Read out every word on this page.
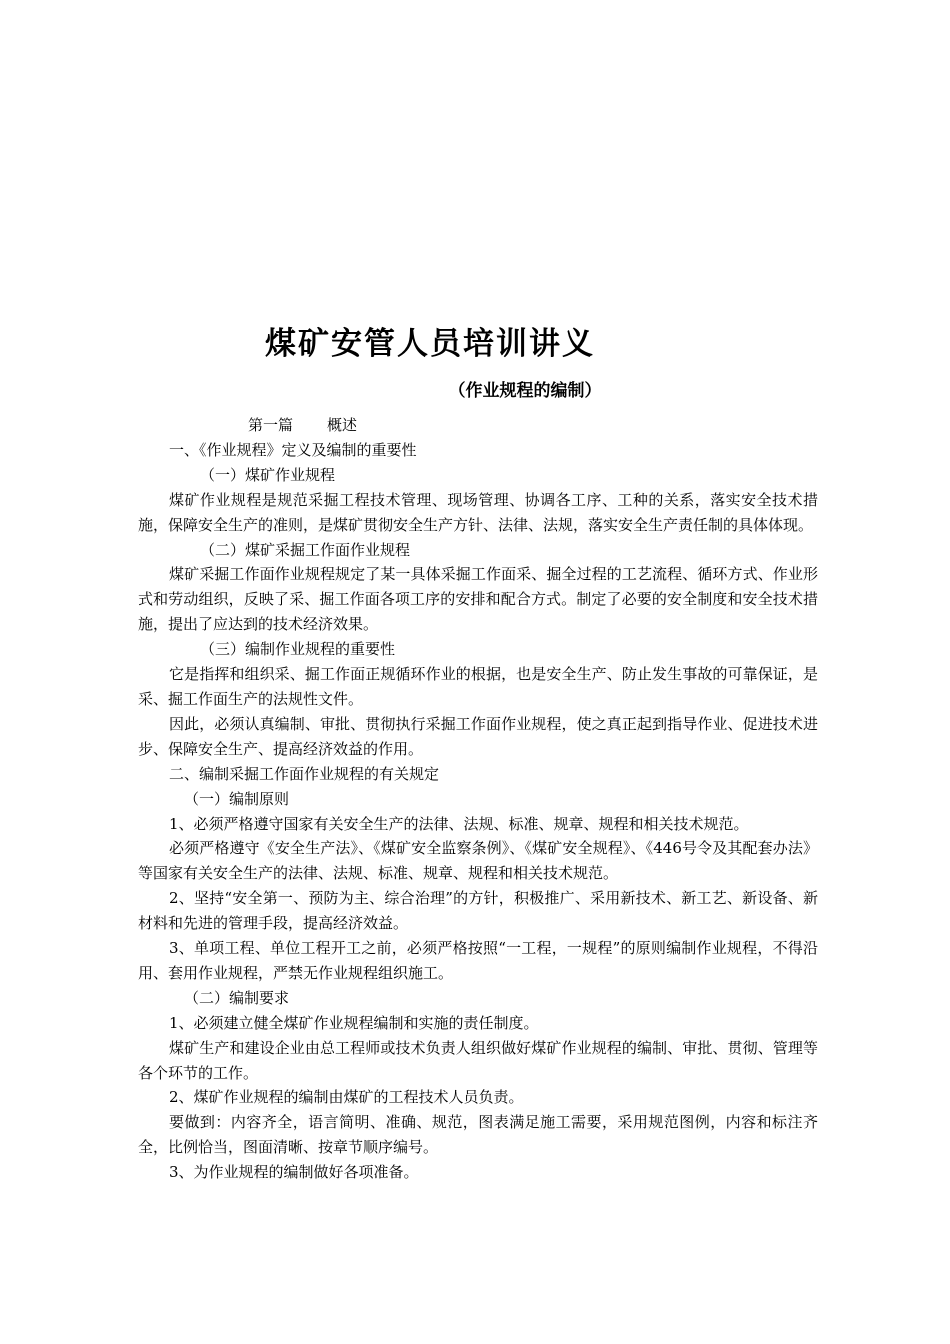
煤矿安管人员培训讲义
（作业规程的编制）
第一篇 概述
一、《作业规程》定义及编制的重要性
（一）煤矿作业规程
煤矿作业规程是规范采掘工程技术管理、现场管理、协调各工序、工种的关系，落实安全技术措施，保障安全生产的准则，是煤矿贯彻安全生产方针、法律、法规，落实安全生产责任制的具体体现。
（二）煤矿采掘工作面作业规程
煤矿采掘工作面作业规程规定了某一具体采掘工作面采、掘全过程的工艺流程、循环方式、作业形式和劳动组织，反映了采、掘工作面各项工序的安排和配合方式。制定了必要的安全制度和安全技术措施，提出了应达到的技术经济效果。
（三）编制作业规程的重要性
它是指挥和组织采、掘工作面正规循环作业的根据，也是安全生产、防止发生事故的可靠保证，是采、掘工作面生产的法规性文件。
因此，必须认真编制、审批、贯彻执行采掘工作面作业规程，使之真正起到指导作业、促进技术进步、保障安全生产、提高经济效益的作用。
二、编制采掘工作面作业规程的有关规定
（一）编制原则
1、必须严格遵守国家有关安全生产的法律、法规、标准、规章、规程和相关技术规范。
必须严格遵守《安全生产法》、《煤矿安全监察条例》、《煤矿安全规程》、《446号令及其配套办法》等国家有关安全生产的法律、法规、标准、规章、规程和相关技术规范。
2、坚持“安全第一、预防为主、综合治理”的方针，积极推广、采用新技术、新工艺、新设备、新材料和先进的管理手段，提高经济效益。
3、单项工程、单位工程开工之前，必须严格按照“一工程，一规程”的原则编制作业规程，不得沿用、套用作业规程，严禁无作业规程组织施工。
（二）编制要求
1、必须建立健全煤矿作业规程编制和实施的责任制度。
煤矿生产和建设企业由总工程师或技术负责人组织做好煤矿作业规程的编制、审批、贯彻、管理等各个环节的工作。
2、煤矿作业规程的编制由煤矿的工程技术人员负责。
要做到：内容齐全，语言简明、准确、规范，图表满足施工需要，采用规范图例，内容和标注齐全，比例恰当，图面清晰、按章节顺序编号。
3、为作业规程的编制做好各项准备。
